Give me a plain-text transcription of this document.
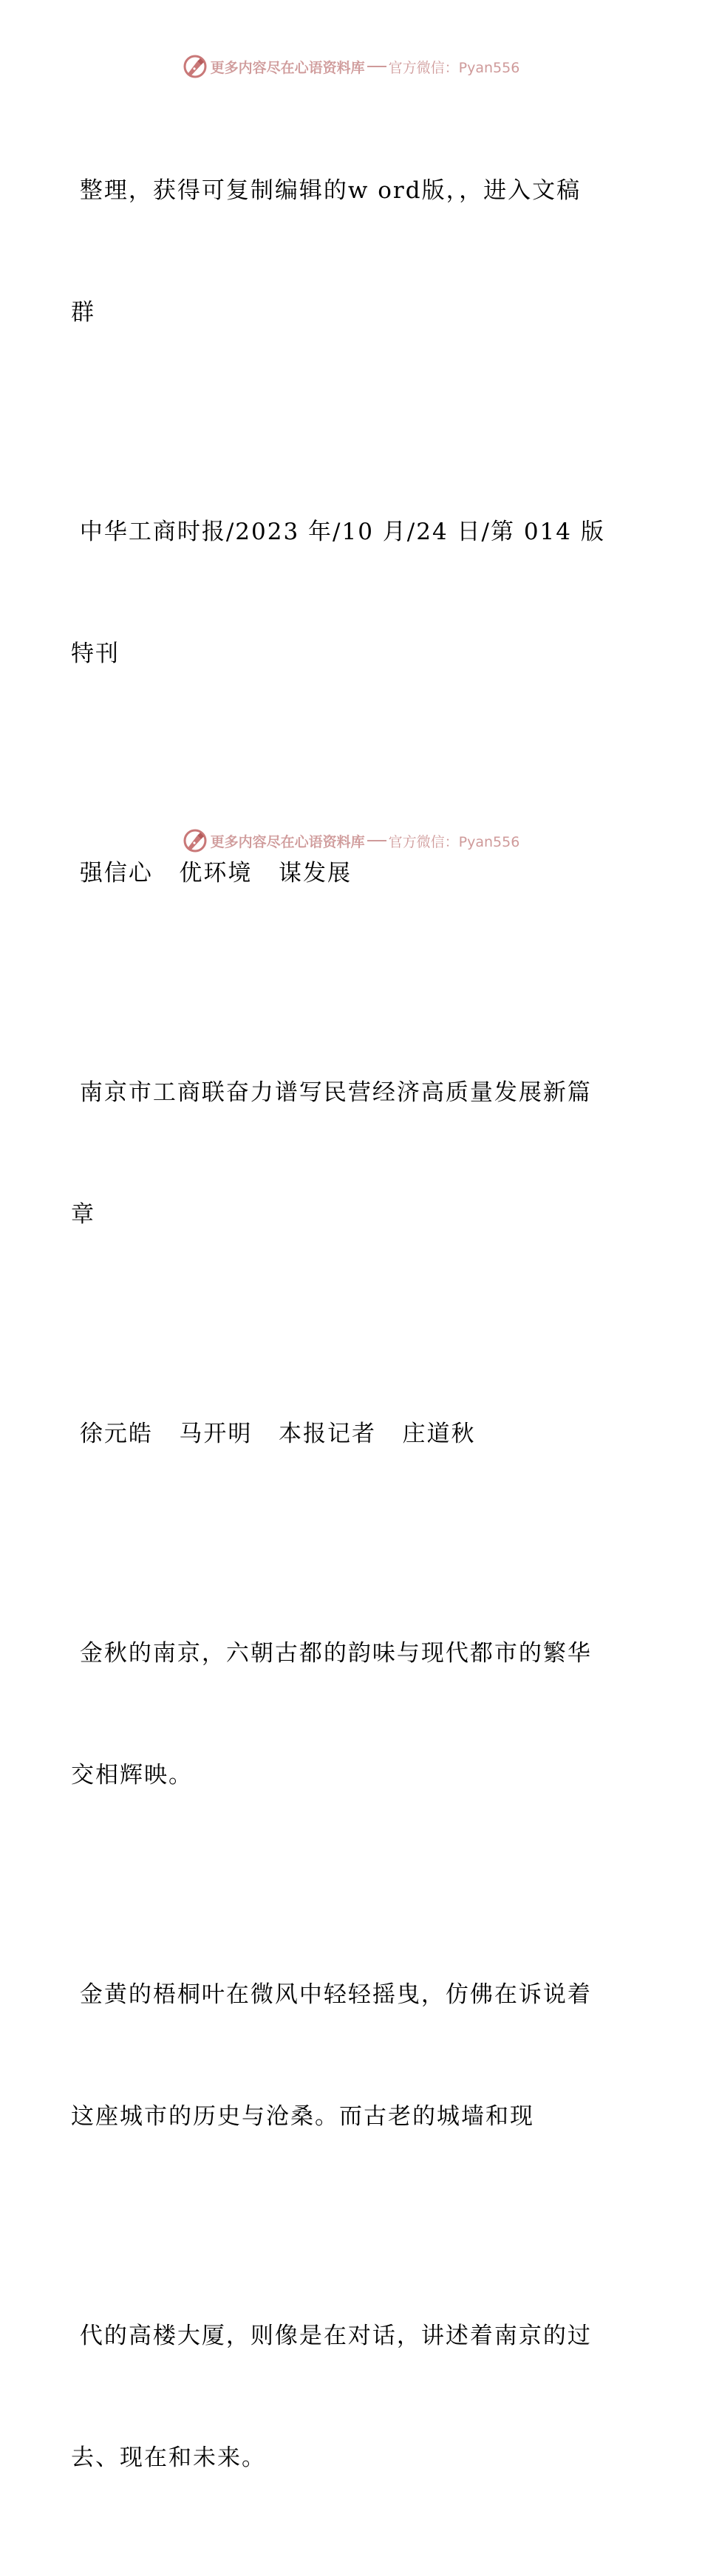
更多内容尽在心语资料库 官方微信：Pyan556

整理，获得可复制编辑的w ord版，，进入文稿

群

中华工商时报/2023 年/10 月/24 日/第 014 版

特刊

强信心   优环境   谋发展

南京市工商联奋力谱写民营经济高质量发展新篇

章

徐元皓   马开明   本报记者   庄道秋

金秋的南京，六朝古都的韵味与现代都市的繁华

交相辉映。

金黄的梧桐叶在微风中轻轻摇曳，仿佛在诉说着

这座城市的历史与沧桑。而古老的城墙和现

代的高楼大厦，则像是在对话，讲述着南京的过

去、现在和未来。

更多内容尽在心语资料库 官方微信：Pyan556
